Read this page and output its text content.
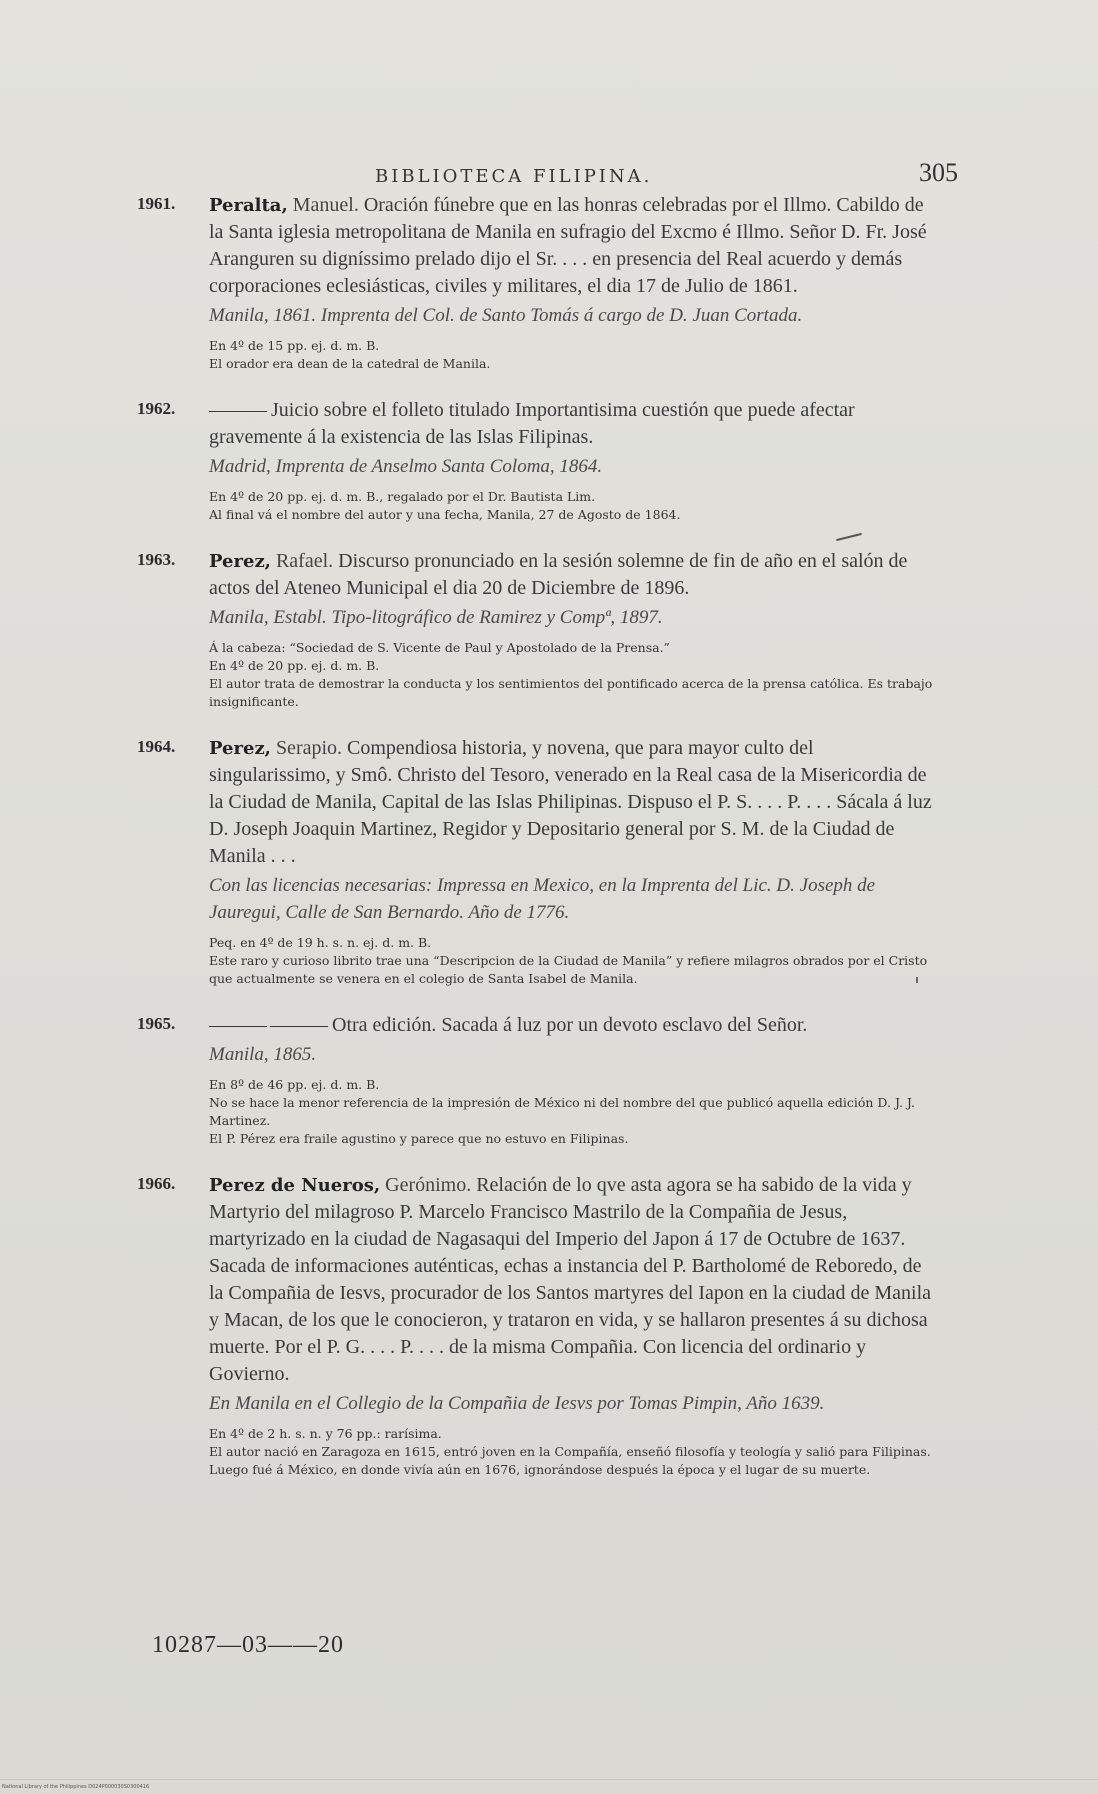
BIBLIOTECA FILIPINA.	305
1961. Peralta, Manuel. Oración fúnebre que en las honras celebradas por el Illmo. Cabildo de la Santa iglesia metropolitana de Manila en sufragio del Excmo é Illmo. Señor D. Fr. José Aranguren su digníssimo prelado dijo el Sr. . . . en presencia del Real acuerdo y demás corporaciones eclesiásticas, civiles y militares, el dia 17 de Julio de 1861.
Manila, 1861. Imprenta del Col. de Santo Tomás á cargo de D. Juan Cortada.
En 4º de 15 pp. ej. d. m. B.
El orador era dean de la catedral de Manila.
1962. ——— Juicio sobre el folleto titulado Importantisima cuestión que puede afectar gravemente á la existencia de las Islas Filipinas.
Madrid, Imprenta de Anselmo Santa Coloma, 1864.
En 4º de 20 pp. ej. d. m. B., regalado por el Dr. Bautista Lim.
Al final vá el nombre del autor y una fecha, Manila, 27 de Agosto de 1864.
1963. Perez, Rafael. Discurso pronunciado en la sesión solemne de fin de año en el salón de actos del Ateneo Municipal el dia 20 de Diciembre de 1896.
Manila, Establ. Tipo-litográfico de Ramirez y Compª, 1897.
Á la cabeza: “Sociedad de S. Vicente de Paul y Apostolado de la Prensa.”
En 4º de 20 pp. ej. d. m. B.
El autor trata de demostrar la conducta y los sentimientos del pontificado acerca de la prensa católica. Es trabajo insignificante.
1964. Perez, Serapio. Compendiosa historia, y novena, que para mayor culto del singularissimo, y Smô. Christo del Tesoro, venerado en la Real casa de la Misericordia de la Ciudad de Manila, Capital de las Islas Philipinas. Dispuso el P. S. . . . P. . . . Sácala á luz D. Joseph Joaquin Martinez, Regidor y Depositario general por S. M. de la Ciudad de Manila . . .
Con las licencias necesarias: Impressa en Mexico, en la Imprenta del Lic. D. Joseph de Jauregui, Calle de San Bernardo. Año de 1776.
Peq. en 4º de 19 h. s. n. ej. d. m. B.
Este raro y curioso librito trae una “Descripcion de la Ciudad de Manila” y refiere milagros obrados por el Cristo que actualmente se venera en el colegio de Santa Isabel de Manila.
1965. ——— ——— Otra edición. Sacada á luz por un devoto esclavo del Señor.
Manila, 1865.
En 8º de 46 pp. ej. d. m. B.
No se hace la menor referencia de la impresión de México ni del nombre del que publicó aquella edición D. J. J. Martinez.
El P. Pérez era fraile agustino y parece que no estuvo en Filipinas.
1966. Perez de Nueros, Gerónimo. Relación de lo qve asta agora se ha sabido de la vida y Martyrio del milagroso P. Marcelo Francisco Mastrilo de la Compañia de Jesus, martyrizado en la ciudad de Nagasaqui del Imperio del Japon á 17 de Octubre de 1637. Sacada de informaciones auténticas, echas a instancia del P. Bartholomé de Reboredo, de la Compañia de Iesvs, procurador de los Santos martyres del Iapon en la ciudad de Manila y Macan, de los que le conocieron, y trataron en vida, y se hallaron presentes á su dichosa muerte. Por el P. G. . . . P. . . . de la misma Compañia. Con licencia del ordinario y Govierno.
En Manila en el Collegio de la Compañia de Iesvs por Tomas Pimpin, Año 1639.
En 4º de 2 h. s. n. y 76 pp.: rarísima.
El autor nació en Zaragoza en 1615, entró joven en la Compañía, enseñó filosofía y teología y salió para Filipinas. Luego fué á México, en donde vivía aún en 1676, ignorándose después la época y el lugar de su muerte.
10287—03——20
National Library of the Philippines D024P000030S0300416
